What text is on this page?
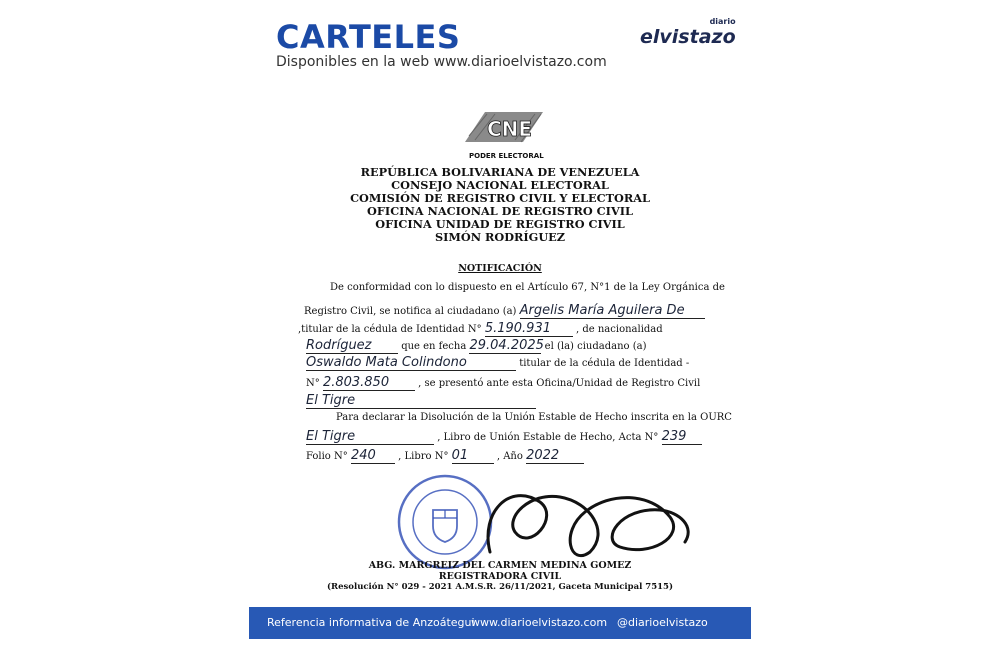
CARTELES
Disponibles en la web www.diarioelvistazo.com
elvistazo
diario
CNE
PODER ELECTORAL
REPÚBLICA BOLIVARIANA DE VENEZUELA
CONSEJO NACIONAL ELECTORAL
COMISIÓN DE REGISTRO CIVIL Y ELECTORAL
OFICINA NACIONAL DE REGISTRO CIVIL
OFICINA UNIDAD DE REGISTRO CIVIL
SIMÓN RODRÍGUEZ
NOTIFICACIÓN
De conformidad con lo dispuesto en el Artículo 67, N°1 de la Ley Orgánica de
Registro Civil, se notifica al ciudadano (a) Argelis María Aguilera De
,titular de la cédula de Identidad N° 5.190.931	, de nacionalidad
Rodríguez	que en fecha 29.04.2025 el (la) ciudadano (a)
Oswaldo Mata Colindono	titular de la cédula de Identidad -
N° 2.803.850	, se presentó ante esta Oficina/Unidad de Registro Civil
El Tigre
Para declarar la Disolución de la Unión Estable de Hecho inscrita en la OURC
El Tigre	, Libro de Unión Estable de Hecho, Acta N° 239
Folio N° 240 , Libro N° 01	, Año 2022
ABG. MARGREIZ DEL CARMEN MEDINA GOMEZ
REGISTRADORA CIVIL
(Resolución N° 029 - 2021 A.M.S.R. 26/11/2021, Gaceta Municipal 7515)
Referencia informativa de Anzoátegui
www.diarioelvistazo.com @diarioelvistazo
